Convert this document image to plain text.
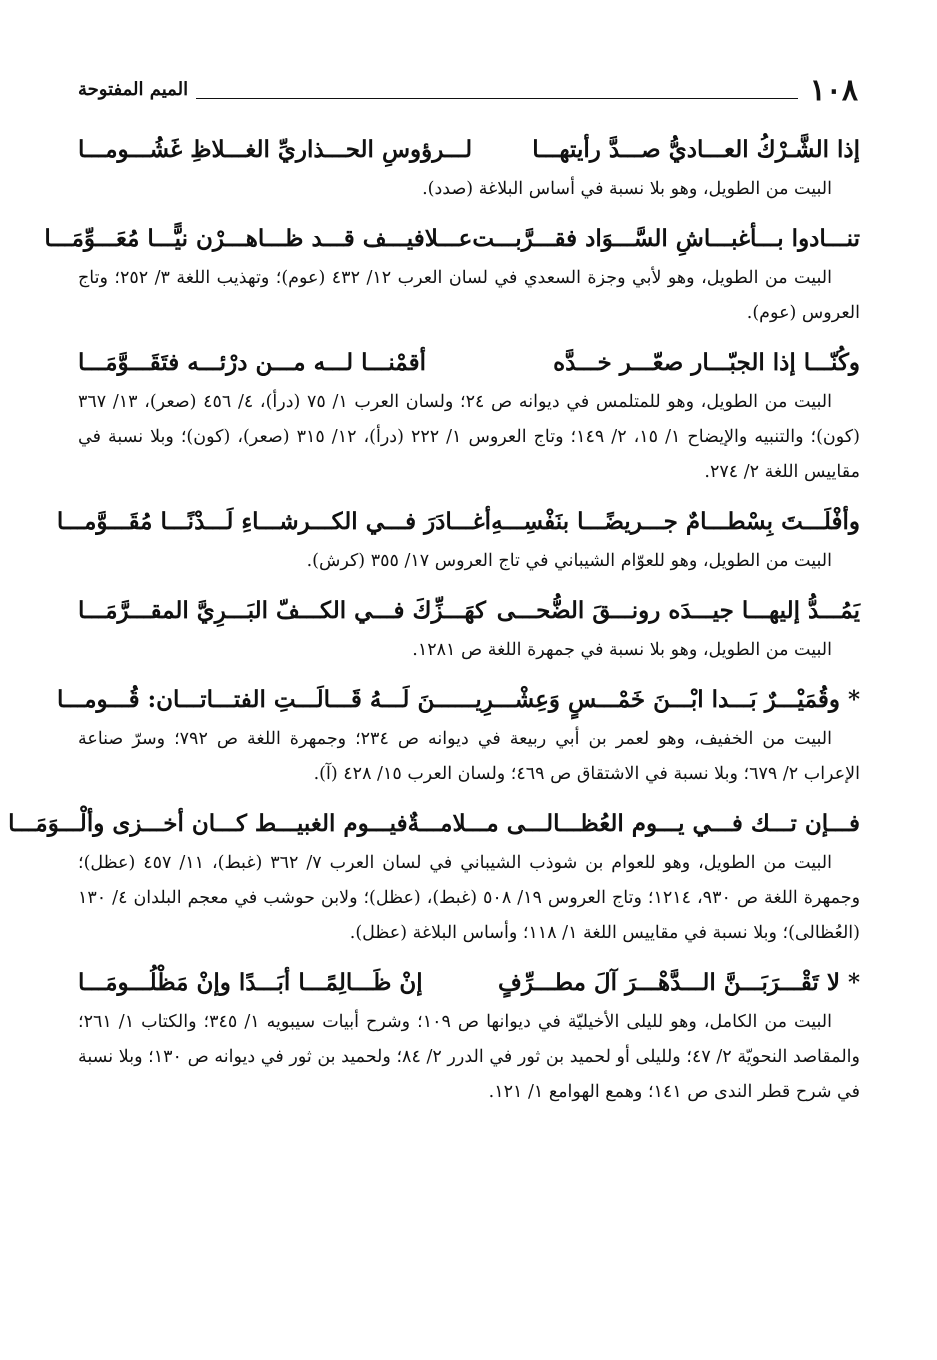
١٠٨
الميم المفتوحة
إذا الشَّـرْكُ العـــاديُّ صـــدَّ رأيتهـــا
لـــرؤوسِ الحـــذاريِّ الغـــلاظِ غَشُـــومـــا

البيت من الطويل، وهو بلا نسبة في أساس البلاغة (صدد).

تنـــادوا بـــأغبـــاشِ السَّـــوَاد فقـــرَّبـــت
عـــلافيـــف قـــد ظـــاهـــرْن نيًّـــا مُعَـــوِّمَـــا

البيت من الطويل، وهو لأبي وجزة السعدي في لسان العرب ١٢/ ٤٣٢ (عوم)؛ وتهذيب اللغة ٣/ ٢٥٢؛ وتاج العروس (عوم).

وكُنّـــا إذا الجبّـــار صعّـــر خـــدَّه
أقمْنـــا لـــه مـــن درْئـــه فتَقَـــوَّمَـــا

البيت من الطويل، وهو للمتلمس في ديوانه ص ٢٤؛ ولسان العرب ١/ ٧٥ (درأ)، ٤/ ٤٥٦ (صعر)، ١٣/ ٣٦٧ (كون)؛ والتنبيه والإيضاح ١/ ١٥، ٢/ ١٤٩؛ وتاج العروس ١/ ٢٢٢ (درأ)، ١٢/ ٣١٥ (صعر)، (كون)؛ وبلا نسبة في مقاييس اللغة ٢/ ٢٧٤.

وأفْلَـــتَ بِسْطـــامٌ جـــريضًـــا بنَفْسِـــهِ
أغـــادَرَ فـــي الكـــرشـــاءِ لَـــدْنًـــا مُقَـــوَّمـــا

البيت من الطويل، وهو للعوّام الشيباني في تاج العروس ١٧/ ٣٥٥ (كرش).

يَمُـــدُّ إليهـــا جيـــدَه رونـــقَ الضُّحـــى
كهَـــزِّكَ فـــي الكـــفّ البَـــرِيَّ المقـــرَّمَـــا

البيت من الطويل، وهو بلا نسبة في جمهرة اللغة ص ١٢٨١.

* وقُمَيْـــرٌ بَـــدا ابْـــنَ خَمْـــسٍ وَعِشْـــرِيـــ
ـــنَ لَـــهُ قَـــالَـــتِ الفتـــاتـــان: قُـــومـــا

البيت من الخفيف، وهو لعمر بن أبي ربيعة في ديوانه ص ٢٣٤؛ وجمهرة اللغة ص ٧٩٢؛ وسرّ صناعة الإعراب ٢/ ٦٧٩؛ وبلا نسبة في الاشتقاق ص ٤٦٩؛ ولسان العرب ١٥/ ٤٢٨ (آ).

فـــإن تـــك فـــي يـــوم العُظـــالـــى مـــلامـــةٌ
فيـــوم الغبيـــط كـــان أخـــزى وألْـــوَمَـــا

البيت من الطويل، وهو للعوام بن شوذب الشيباني في لسان العرب ٧/ ٣٦٢ (غبط)، ١١/ ٤٥٧ (عظل)؛ وجمهرة اللغة ص ٩٣٠، ١٢١٤؛ وتاج العروس ١٩/ ٥٠٨ (غبط)، (عظل)؛ ولابن حوشب في معجم البلدان ٤/ ١٣٠ (العُظالى)؛ وبلا نسبة في مقاييس اللغة ١/ ١١٨؛ وأساس البلاغة (عظل).

* لا تَقْـــرَبَـــنَّ الـــدَّهْـــرَ آلَ مطـــرِّفٍ
إنْ ظَـــالِمًـــا أبَـــدًا وإنْ مَظْلُـــومَـــا

البيت من الكامل، وهو لليلى الأخيليّة في ديوانها ص ١٠٩؛ وشرح أبيات سيبويه ١/ ٣٤٥؛ والكتاب ١/ ٢٦١؛ والمقاصد النحويّة ٢/ ٤٧؛ ولليلى أو لحميد بن ثور في الدرر ٢/ ٨٤؛ ولحميد بن ثور في ديوانه ص ١٣٠؛ وبلا نسبة في شرح قطر الندى ص ١٤١؛ وهمع الهوامع ١/ ١٢١.
